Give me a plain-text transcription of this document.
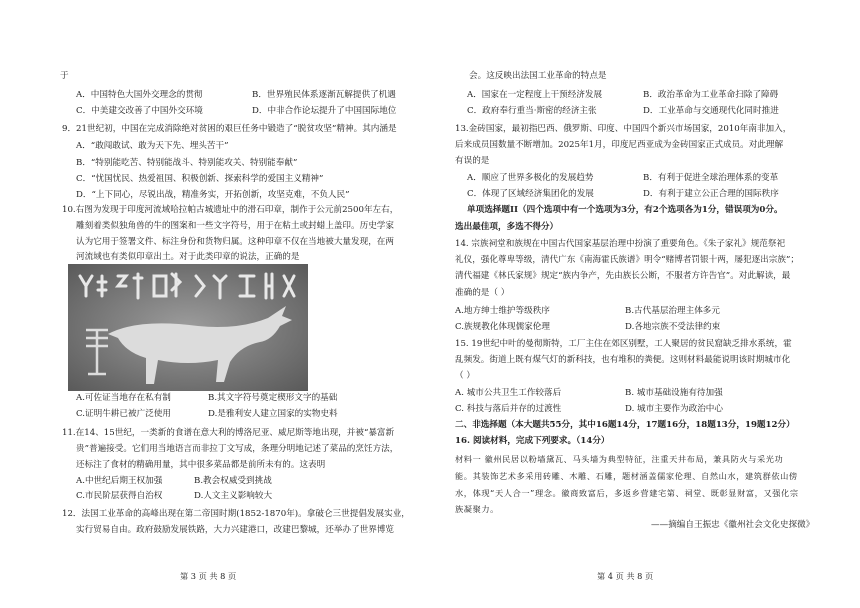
于
A．中国特色大国外交理念的贯彻	B．世界殖民体系逐渐瓦解提供了机遇
C．中美建交改善了中国外交环境	D．中非合作论坛提升了中国国际地位
9．21世纪初，中国在完成消除绝对贫困的艰巨任务中锻造了“脱贫攻坚”精神。其内涵是
A．“敢闯敢试、敢为天下先、埋头苦干”
B．“特别能吃苦、特别能战斗、特别能攻关、特别能奉献”
C．“忧国忧民、热爱祖国、积极创新、探索科学的爱国主义精神”
D．“上下同心，尽锐出战，精准务实，开拓创新，攻坚克难，不负人民”
10.右图为发现于印度河流域哈拉帕古城遗址中的滑石印章，制作于公元前2500年左右，
雕刻着类似独角兽的牛的图案和一些文字符号，用于在粘土或封蜡上盖印。历史学家
认为它用于签署文件、标注身份和货物归属。这种印章不仅在当地被大量发现，在两
河流域也有类似印章出土。对于此类印章的说法，正确的是
A.可佐证当地存在私有制	B.其文字符号奠定楔形文字的基础
C.证明牛耕已被广泛使用	D.是雅利安人建立国家的实物史料
11.在14、15世纪，一类新的食谱在意大利的博洛尼亚、威尼斯等地出现，并被“暴富新
贵”普遍接受。它们用当地语言而非拉丁文写成，条理分明地记述了菜品的烹饪方法，
还标注了食材的精确用量，其中很多菜品都是前所未有的。这表明
A.中世纪后期王权加强	B.教会权威受到挑战
C.市民阶层获得自治权	D.人文主义影响较大
12．法国工业革命的高峰出现在第二帝国时期(1852-1870年)。拿破仑三世提倡发展实业，
实行贸易自由。政府鼓励发展铁路，大力兴建港口，改建巴黎城，还举办了世界博览
第 3 页 共 8 页
会。这反映出法国工业革命的特点是
A．国家在一定程度上干预经济发展	B．政治革命为工业革命扫除了障碍
C．政府奉行重当·斯密的经济主张	D．工业革命与交通现代化同时推进
13.金砖国家，最初指巴西、俄罗斯、印度、中国四个新兴市场国家，2010年南非加入，
后来成员国数量不断增加。2025年1月，印度尼西亚成为金砖国家正式成员。对此理解
有误的是
A．顺应了世界多极化的发展趋势	B．有利于促进全球治理体系的变革
C．体现了区域经济集团化的发展	D．有利于建立公正合理的国际秩序
单项选择题II（四个选项中有一个选项为3分，有2个选项各为1分，错误项为0分。
选出最佳项，多选不得分）
14. 宗族祠堂和族规在中国古代国家基层治理中扮演了重要角色。《朱子家礼》规范祭祀
礼仪，强化尊卑等级，清代广东《南海霍氏族谱》明令“赌博者罚银十两，屡犯逐出宗族”；
清代福建《林氏家规》规定“族内争产，先由族长公断，不服者方许告官”。对此解读，最
准确的是（ ）
A.地方绅士维护等级秩序	B.古代基层治理主体多元
C.族规教化体现儒家伦理	D.各地宗族不受法律约束
15. 19世纪中叶的曼彻斯特，工厂主住在郊区别墅，工人聚居的贫民窟缺乏排水系统，霍
乱频发。街道上既有煤气灯的新科技，也有堆积的粪便。这则材料最能说明该时期城市化
（ ）
A. 城市公共卫生工作较落后	B. 城市基础设施有待加强
C. 科技与落后并存的过渡性	D. 城市主要作为政治中心
二、非选择题（本大题共55分，其中16题14分，17题16分，18题13分，19题12分）
16. 阅读材料，完成下列要求。（14分）
材料一 徽州民居以粉墙黛瓦、马头墙为典型特征，注重天井布局，兼具防火与采光功
能。其装饰艺术多采用砖雕、木雕、石雕，题材涵盖儒家伦理、自然山水，建筑群依山傍
水，体现“天人合一”理念。徽商致富后，多返乡营建宅第、祠堂、既彰显财富，又强化宗
族凝聚力。
——摘编自王振忠《徽州社会文化史探微》
第 4 页 共 8 页
